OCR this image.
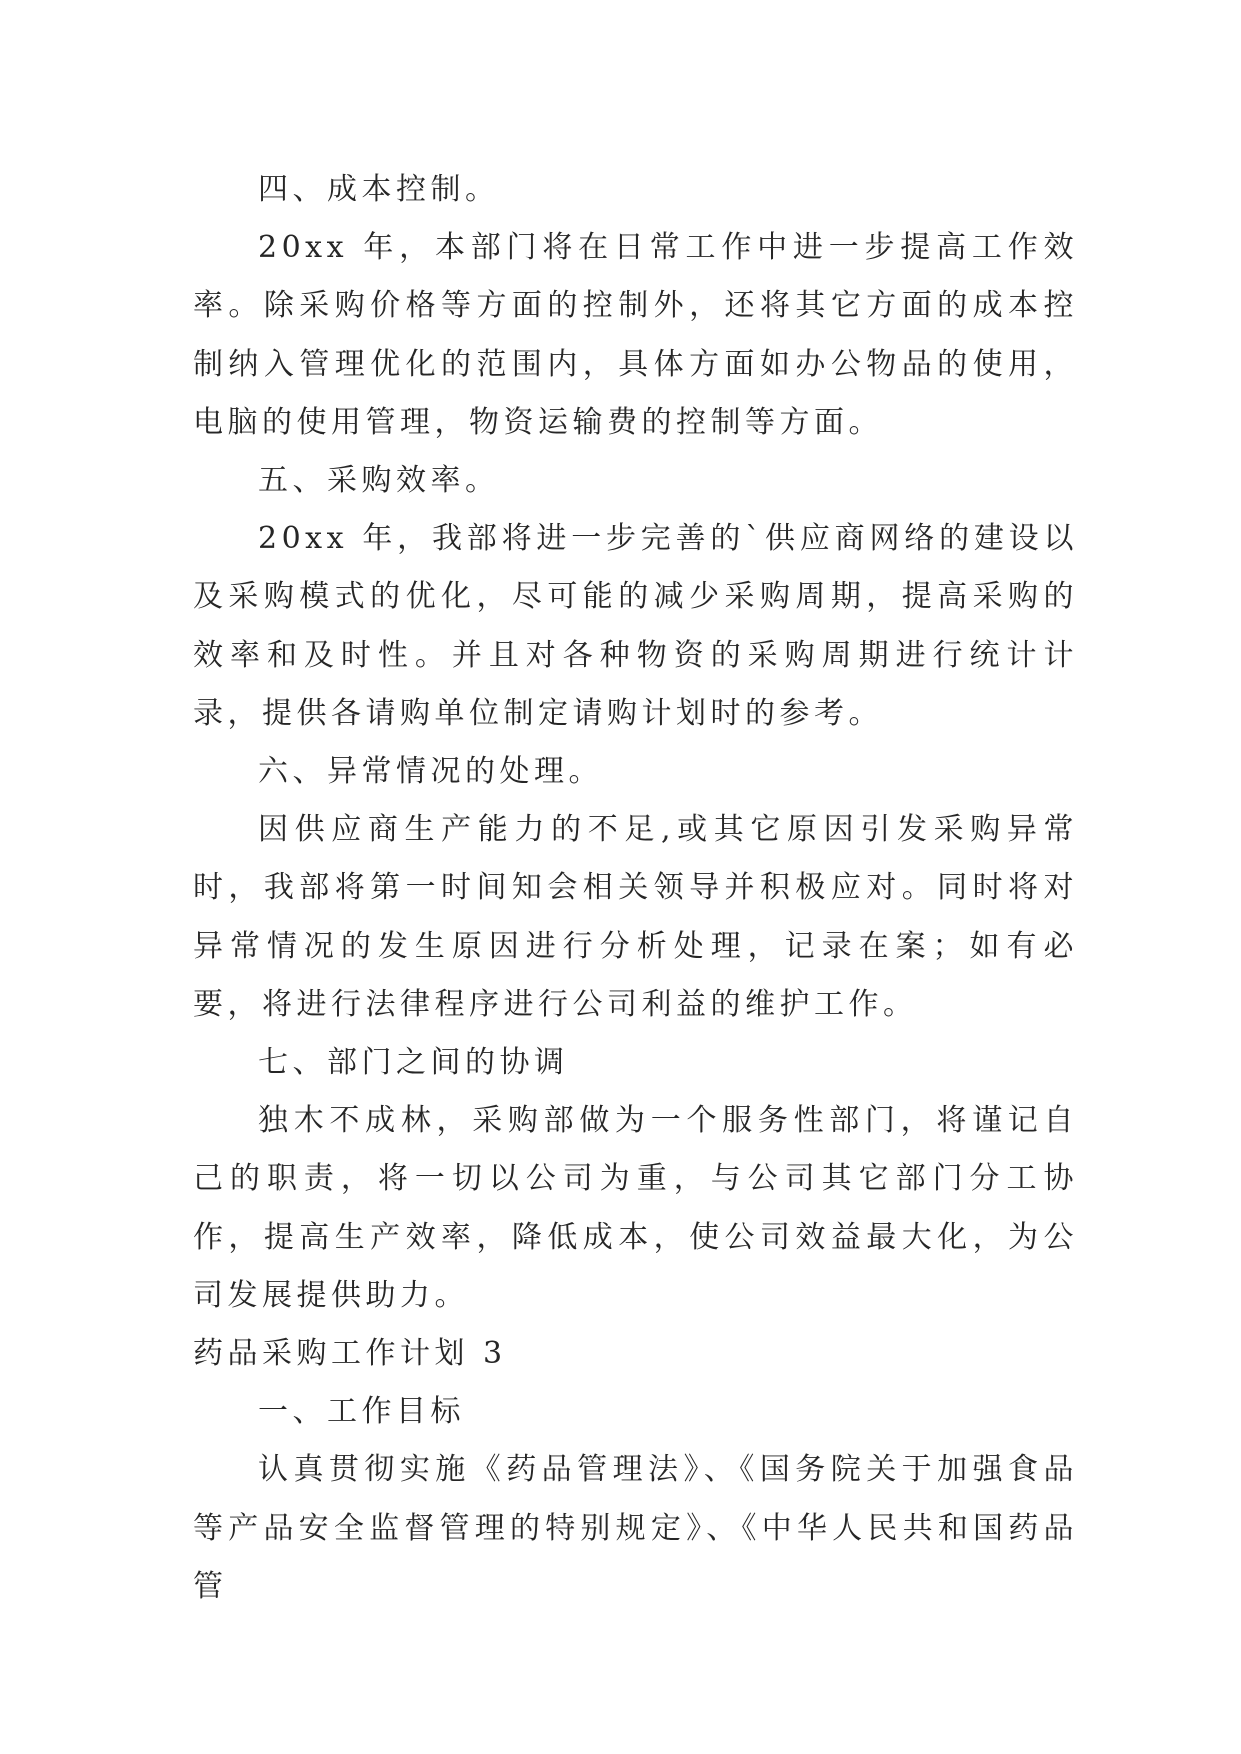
四、成本控制。

20xx 年，本部门将在日常工作中进一步提高工作效率。除采购价格等方面的控制外，还将其它方面的成本控制纳入管理优化的范围内，具体方面如办公物品的使用，电脑的使用管理，物资运输费的控制等方面。

五、采购效率。

20xx 年，我部将进一步完善的`供应商网络的建设以及采购模式的优化，尽可能的减少采购周期，提高采购的效率和及时性。并且对各种物资的采购周期进行统计计录，提供各请购单位制定请购计划时的参考。

六、异常情况的处理。

因供应商生产能力的不足,或其它原因引发采购异常时，我部将第一时间知会相关领导并积极应对。同时将对异常情况的发生原因进行分析处理，记录在案；如有必要，将进行法律程序进行公司利益的维护工作。

七、部门之间的协调

独木不成林，采购部做为一个服务性部门，将谨记自己的职责，将一切以公司为重，与公司其它部门分工协作，提高生产效率，降低成本，使公司效益最大化，为公司发展提供助力。

药品采购工作计划 3

一、工作目标

认真贯彻实施《药品管理法》、《国务院关于加强食品等产品安全监督管理的特别规定》、《中华人民共和国药品管
